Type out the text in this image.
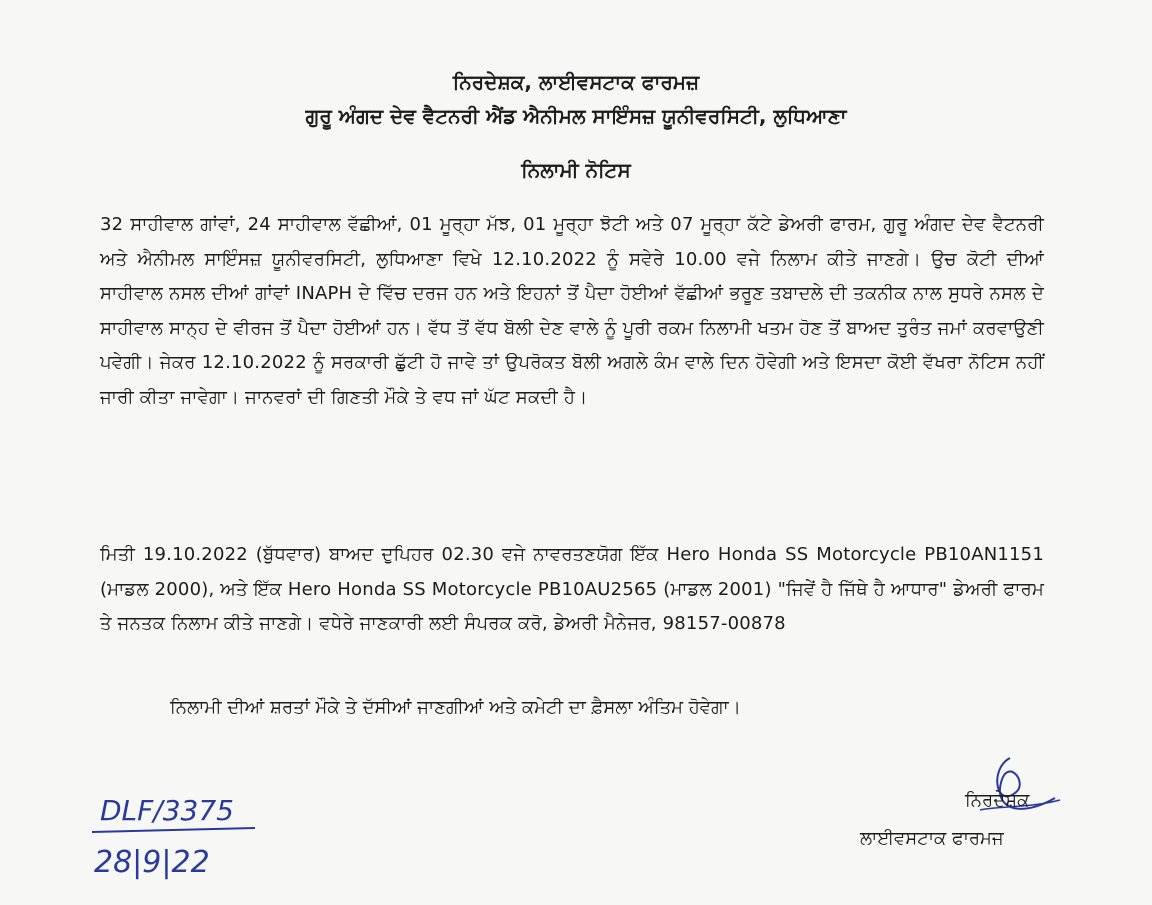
ਨਿਰਦੇਸ਼ਕ, ਲਾਈਵਸਟਾਕ ਫਾਰਮਜ਼
ਗੁਰੂ ਅੰਗਦ ਦੇਵ ਵੈਟਨਰੀ ਐਂਡ ਐਨੀਮਲ ਸਾਇੰਸਜ਼ ਯੂਨੀਵਰਸਿਟੀ, ਲੁਧਿਆਣਾ
ਨਿਲਾਮੀ ਨੋਟਿਸ
32 ਸਾਹੀਵਾਲ ਗਾਂਵਾਂ, 24 ਸਾਹੀਵਾਲ ਵੱਛੀਆਂ, 01 ਮੂਰ੍ਹਾ ਮੱਝ, 01 ਮੂਰ੍ਹਾ ਝੋਟੀ ਅਤੇ 07 ਮੂਰ੍ਹਾ ਕੱਟੇ ਡੇਅਰੀ ਫਾਰਮ, ਗੁਰੂ ਅੰਗਦ ਦੇਵ ਵੈਟਨਰੀ ਅਤੇ ਐਨੀਮਲ ਸਾਇੰਸਜ਼ ਯੂਨੀਵਰਸਿਟੀ, ਲੁਧਿਆਣਾ ਵਿਖੇ 12.10.2022 ਨੂੰ ਸਵੇਰੇ 10.00 ਵਜੇ ਨਿਲਾਮ ਕੀਤੇ ਜਾਣਗੇ। ਉਚ ਕੋਟੀ ਦੀਆਂ ਸਾਹੀਵਾਲ ਨਸਲ ਦੀਆਂ ਗਾਂਵਾਂ INAPH ਦੇ ਵਿੱਚ ਦਰਜ ਹਨ ਅਤੇ ਇਹਨਾਂ ਤੋਂ ਪੈਦਾ ਹੋਈਆਂ ਵੱਛੀਆਂ ਭਰੂਣ ਤਬਾਦਲੇ ਦੀ ਤਕਨੀਕ ਨਾਲ ਸੁਧਰੇ ਨਸਲ ਦੇ ਸਾਹੀਵਾਲ ਸਾਨ੍ਹ ਦੇ ਵੀਰਜ ਤੋਂ ਪੈਦਾ ਹੋਈਆਂ ਹਨ। ਵੱਧ ਤੋਂ ਵੱਧ ਬੋਲੀ ਦੇਣ ਵਾਲੇ ਨੂੰ ਪੂਰੀ ਰਕਮ ਨਿਲਾਮੀ ਖਤਮ ਹੋਣ ਤੋਂ ਬਾਅਦ ਤੁਰੰਤ ਜਮਾਂ ਕਰਵਾਉਣੀ ਪਵੇਗੀ। ਜੇਕਰ 12.10.2022 ਨੂੰ ਸਰਕਾਰੀ ਛੁੱਟੀ ਹੋ ਜਾਵੇ ਤਾਂ ਉਪਰੋਕਤ ਬੋਲੀ ਅਗਲੇ ਕੰਮ ਵਾਲੇ ਦਿਨ ਹੋਵੇਗੀ ਅਤੇ ਇਸਦਾ ਕੋਈ ਵੱਖਰਾ ਨੋਟਿਸ ਨਹੀਂ ਜਾਰੀ ਕੀਤਾ ਜਾਵੇਗਾ। ਜਾਨਵਰਾਂ ਦੀ ਗਿਣਤੀ ਮੌਕੇ ਤੇ ਵਧ ਜਾਂ ਘੱਟ ਸਕਦੀ ਹੈ।
ਮਿਤੀ 19.10.2022 (ਬੁੱਧਵਾਰ) ਬਾਅਦ ਦੁਪਿਹਰ 02.30 ਵਜੇ ਨਾਵਰਤਣਯੋਗ ਇੱਕ Hero Honda SS Motorcycle PB10AN1151 (ਮਾਡਲ 2000), ਅਤੇ ਇੱਕ Hero Honda SS Motorcycle PB10AU2565 (ਮਾਡਲ 2001) "ਜਿਵੇਂ ਹੈ ਜਿੱਥੇ ਹੈ ਆਧਾਰ" ਡੇਅਰੀ ਫਾਰਮ ਤੇ ਜਨਤਕ ਨਿਲਾਮ ਕੀਤੇ ਜਾਣਗੇ। ਵਧੇਰੇ ਜਾਣਕਾਰੀ ਲਈ ਸੰਪਰਕ ਕਰੋ, ਡੇਅਰੀ ਮੈਨੇਜਰ, 98157-00878
ਨਿਲਾਮੀ ਦੀਆਂ ਸ਼ਰਤਾਂ ਮੌਕੇ ਤੇ ਦੱਸੀਆਂ ਜਾਣਗੀਆਂ ਅਤੇ ਕਮੇਟੀ ਦਾ ਫ਼ੈਸਲਾ ਅੰਤਿਮ ਹੋਵੇਗਾ।
DLF/3375
28|9|22
ਨਿਰਦੇਸ਼ਕ
ਲਾਈਵਸਟਾਕ ਫਾਰਮਜ
